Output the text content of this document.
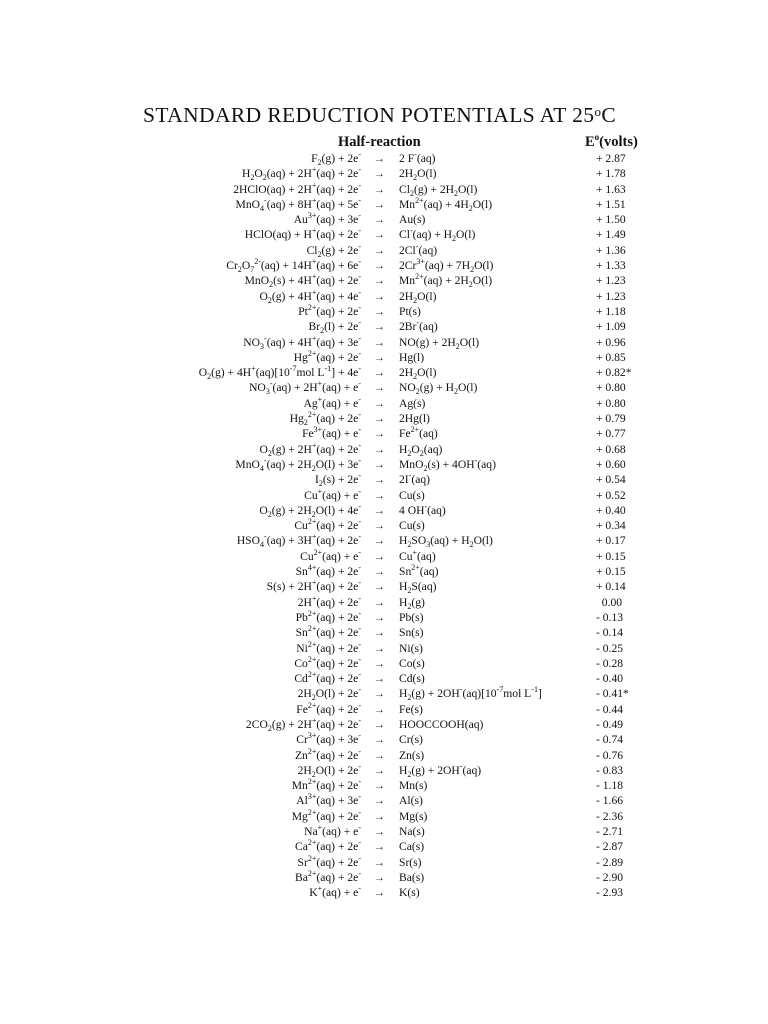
STANDARD REDUCTION POTENTIALS AT 25$^o$C
Half-reaction	$E^o(volts)$
$F_2(g) + 2e^- \to 2$ F-(aq)	+ 2.87
$H_2O_2(aq) + 2H^+(aq) + 2e^- \to 2H_2O(l)$	+ 1.78
2HClO(aq) + $2H^+(aq) + 2e^- \to Cl_2(g) + 2H_2O(l)$	+ 1.63
$MnO_4^-(aq) + 8H^+(aq) + 5e^- \to Mn^{2+}(aq) + 4H_2O(l)$	+ 1.51
$Au^{3+}(aq) + 3e^- \to Au(s)$	+ 1.50
HClO(aq) + $H^+(aq) + 2e^- \to Cl^-(aq) + H_2O(l)$	+ 1.49
$Cl_2(g) + 2e^- \to 2Cl^-(aq)$	+ 1.36
$Cr_2O_7^{2-}(aq) + 14H^+(aq) + 6e^- \to 2Cr^{3+}(aq) + 7H_2O(l)$	+ 1.33
$MnO_2(s) + 4H^+(aq) + 2e^- \to Mn^{2+}(aq) + 2H_2O(l)$	+ 1.23
$O_2(g) + 4H^+(aq) + 4e^- \to 2H_2O(l)$	+ 1.23
$Pt^{2+}(aq) + 2e^- \to Pt(s)$	+ 1.18
$Br_2(l) + 2e^- \to 2Br^-(aq)$	+ 1.09
$NO_3^-(aq) + 4H^+(aq) + 3e^- \to NO(g) + 2H_2O(l)$	+ 0.96
$Hg^{2+}(aq) + 2e^- \to Hg(l)$	+ 0.85
$O_2(g) + 4H^+(aq)[10^{-7}mol$ $L^{-1}] + 4e^- \to 2H_2O(l)$	+ 0.82*
$NO_3^-(aq) + 2H^+(aq) + e^- \to NO_2(g) + H_2O(l)$	+ 0.80
Ag+(aq) + e- → Ag(s)	+ 0.80
$Hg_2^{2+}(aq) + 2e^- \to 2Hg(l)$	+ 0.79
$Fe^{3+}(aq) + e^- \to Fe^{2+}(aq)$	+ 0.77
$O_2(g) + 2H^+(aq) + 2e^- \to H_2O_2(aq)$	+ 0.68
$MnO_4^-(aq) + 2H_2O(l) + 3e^- \to MnO_2(s) + 4OH^-(aq)$	+ 0.60
$I_2(s) + 2e^- \to 2I^-(aq)$	+ 0.54
Cu+(aq) + e- → Cu(s)	+ 0.52
$O_2(g) + 2H_2O(l) + 4e^- \to 4$ OH-(aq)	+ 0.40
$Cu^{2+}(aq) + 2e^- \to Cu(s)$	+ 0.34
$HSO_4^-(aq) + 3H^+(aq) + 2e^- \to H_2SO_3(aq) + H_2O(l)$	+ 0.17
$Cu^{2+}(aq) + e^- \to Cu^+(aq)$	+ 0.15
$Sn^{4+}(aq) + 2e^- \to Sn^{2+}(aq)$	+ 0.15
$S(s) + 2H^+(aq) + 2e^- \to H_2S(aq)$	+ 0.14
$2H^+(aq) + 2e^- \to H_2(g)$	0.00
$Pb^{2+}(aq) + 2e^- \to Pb(s)$	- 0.13
$Sn^{2+}(aq) + 2e^- \to Sn(s)$	- 0.14
$Ni^{2+}(aq) + 2e^- \to Ni(s)$	- 0.25
$Co^{2+}(aq) + 2e^- \to Co(s)$	- 0.28
$Cd^{2+}(aq) + 2e^- \to Cd(s)$	- 0.40
$2H_2O(l) + 2e^- \to H_2(g) + 2OH^-(aq)[10^{-7}mol$ $L^{-1}$]	- 0.41*
$Fe^{2+}(aq) + 2e^- \to Fe(s)$	- 0.44
$2CO_2(g) + 2H^+(aq) + 2e^-$ → HOOCCOOH(aq)	- 0.49
$Cr^{3+}(aq) + 3e^- \to Cr(s)$	- 0.74
$Zn^{2+}(aq) + 2e^- \to Zn(s)$	- 0.76
$2H_2O(l) + 2e^- \to H_2(g) + 2OH^-(aq)$	- 0.83
$Mn^{2+}(aq) + 2e^- \to Mn(s)$	- 1.18
$Al^{3+}(aq) + 3e^- \to Al(s)$	- 1.66
$Mg^{2+}(aq) + 2e^- \to Mg(s)$	- 2.36
Na+(aq) + e- → Na(s)	- 2.71
$Ca^{2+}(aq) + 2e^- \to Ca(s)$	- 2.87
$Sr^{2+}(aq) + 2e^- \to Sr(s)$	- 2.89
$Ba^{2+}(aq) + 2e^- \to Ba(s)$	- 2.90
K+(aq) + e- → K(s)	- 2.93
